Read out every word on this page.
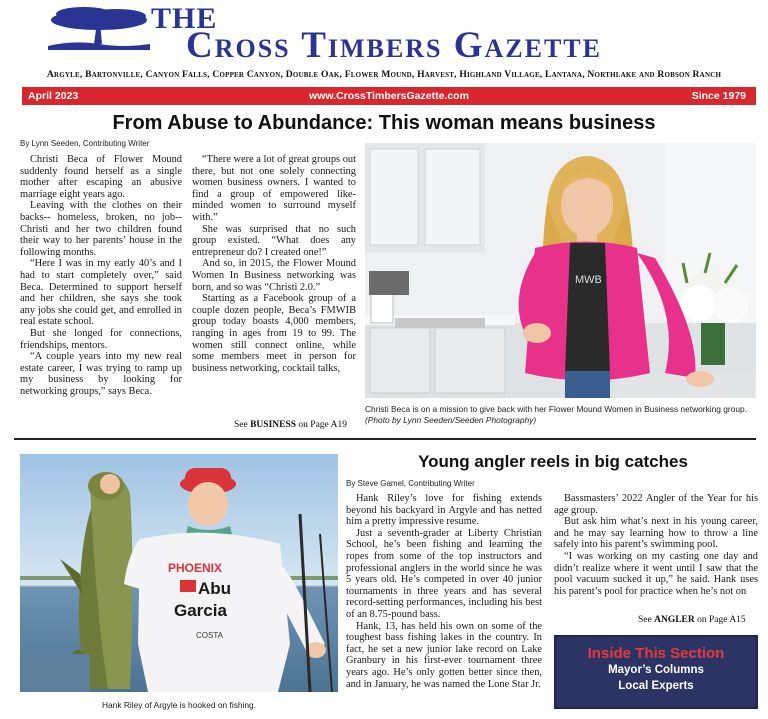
THE
Cross Timbers Gazette
Argyle, Bartonville, Canyon Falls, Copper Canyon, Double Oak, Flower Mound, Harvest, Highland Village, Lantana, Northlake and Robson Ranch
April 2023	www.CrossTimbersGazette.com	Since 1979
From Abuse to Abundance: This woman means business
By Lynn Seeden, Contributing Writer

Christi Beca of Flower Mound suddenly found herself as a single mother after escaping an abusive marriage eight years ago.

Leaving with the clothes on their backs-- homeless, broken, no job--Christi and her two children found their way to her parents’ house in the following months.

“Here I was in my early 40’s and I had to start completely over,” said Beca. Determined to support herself and her children, she says she took any jobs she could get, and enrolled in real estate school.

But she longed for connections, friendships, mentors.

“A couple years into my new real estate career, I was trying to ramp up my business by looking for networking groups,” says Beca.

“There were a lot of great groups out there, but not one solely connecting women business owners. I wanted to find a group of empowered like-minded women to surround myself with.”

She was surprised that no such group existed. “What does any entrepreneur do? I created one!”

And so, in 2015, the Flower Mound Women In Business networking was born, and so was “Christi 2.0.”

Starting as a Facebook group of a couple dozen people, Beca’s FMWIB group today boasts 4,000 members, ranging in ages from 19 to 99. The women still connect online, while some members meet in person for business networking, cocktail talks,

See BUSINESS on Page A19
MWB
Christi Beca is on a mission to give back with her Flower Mound Women in Business networking group. (Photo by Lynn Seeden/Seeden Photography)
PHOENIX
Abu
Garcia
COSTA
Hank Riley of Argyle is hooked on fishing.
Young angler reels in big catches
By Steve Gamel, Contributing Writer

Hank Riley’s love for fishing extends beyond his backyard in Argyle and has netted him a pretty impressive resume.

Just a seventh-grader at Liberty Christian School, he’s been fishing and learning the ropes from some of the top instructors and professional anglers in the world since he was 5 years old. He’s competed in over 40 junior tournaments in three years and has several record-setting performances, including his best of an 8.75-pound bass.

Hank, 13, has held his own on some of the toughest bass fishing lakes in the country. In fact, he set a new junior lake record on Lake Granbury in his first-ever tournament three years ago. He’s only gotten better since then, and in January, he was named the Lone Star Jr.

Bassmasters’ 2022 Angler of the Year for his age group.

But ask him what’s next in his young career, and he may say learning how to throw a line safely into his parent’s swimming pool.

“I was working on my casting one day and didn’t realize where it went until I saw that the pool vacuum sucked it up,” he said. Hank uses his parent’s pool for practice when he’s not on

See ANGLER on Page A15
Inside This Section
Mayor’s Columns
Local Experts
